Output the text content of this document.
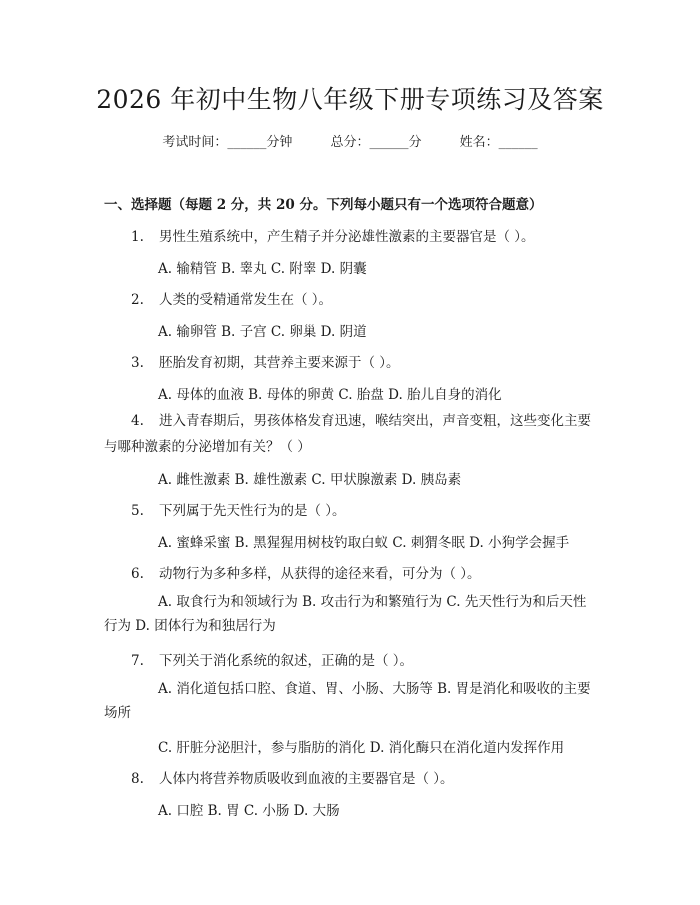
2026 年初中生物八年级下册专项练习及答案
考试时间：______分钟	总分：______分	姓名：______
一、选择题（每题 2 分，共 20 分。下列每小题只有一个选项符合题意）
1. 男性生殖系统中，产生精子并分泌雄性激素的主要器官是（ ）。
A. 输精管 B. 睾丸 C. 附睾 D. 阴囊
2. 人类的受精通常发生在（ ）。
A. 输卵管 B. 子宫 C. 卵巢 D. 阴道
3. 胚胎发育初期，其营养主要来源于（ ）。
A. 母体的血液 B. 母体的卵黄 C. 胎盘 D. 胎儿自身的消化
4. 进入青春期后，男孩体格发育迅速，喉结突出，声音变粗，这些变化主要与哪种激素的分泌增加有关？（ ）
A. 雌性激素 B. 雄性激素 C. 甲状腺激素 D. 胰岛素
5. 下列属于先天性行为的是（ ）。
A. 蜜蜂采蜜 B. 黑猩猩用树枝钓取白蚁 C. 刺猬冬眠 D. 小狗学会握手
6. 动物行为多种多样，从获得的途径来看，可分为（ ）。
A. 取食行为和领域行为 B. 攻击行为和繁殖行为 C. 先天性行为和后天性行为 D. 团体行为和独居行为
7. 下列关于消化系统的叙述，正确的是（ ）。
A. 消化道包括口腔、食道、胃、小肠、大肠等 B. 胃是消化和吸收的主要场所
C. 肝脏分泌胆汁，参与脂肪的消化 D. 消化酶只在消化道内发挥作用
8. 人体内将营养物质吸收到血液的主要器官是（ ）。
A. 口腔 B. 胃 C. 小肠 D. 大肠
